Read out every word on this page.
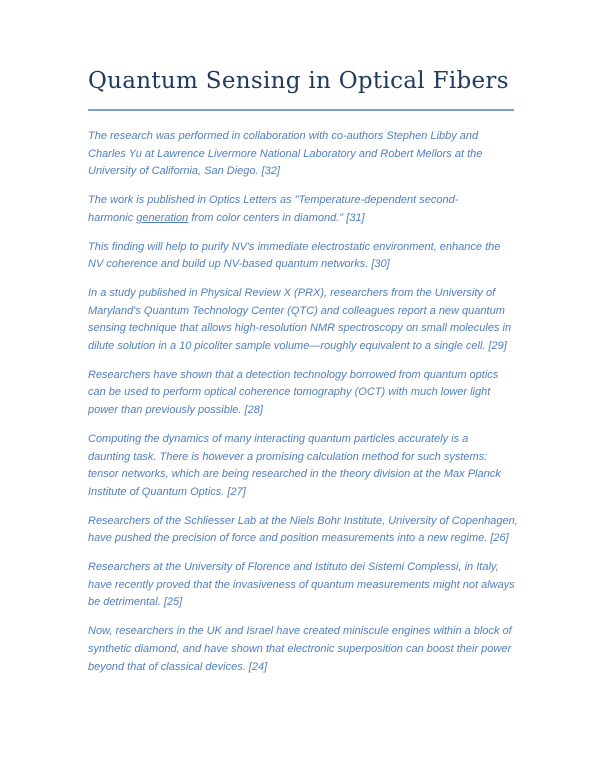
Quantum Sensing in Optical Fibers

The research was performed in collaboration with co-authors Stephen Libby and
Charles Yu at Lawrence Livermore National Laboratory and Robert Mellors at the
University of California, San Diego. [32]

The work is published in Optics Letters as "Temperature-dependent second-
harmonic generation from color centers in diamond." [31]

This finding will help to purify NV's immediate electrostatic environment, enhance the
NV coherence and build up NV-based quantum networks. [30]

In a study published in Physical Review X (PRX), researchers from the University of
Maryland's Quantum Technology Center (QTC) and colleagues report a new quantum
sensing technique that allows high-resolution NMR spectroscopy on small molecules in
dilute solution in a 10 picoliter sample volume—roughly equivalent to a single cell. [29]

Researchers have shown that a detection technology borrowed from quantum optics
can be used to perform optical coherence tomography (OCT) with much lower light
power than previously possible. [28]

Computing the dynamics of many interacting quantum particles accurately is a
daunting task. There is however a promising calculation method for such systems:
tensor networks, which are being researched in the theory division at the Max Planck
Institute of Quantum Optics. [27]

Researchers of the Schliesser Lab at the Niels Bohr Institute, University of Copenhagen,
have pushed the precision of force and position measurements into a new regime. [26]

Researchers at the University of Florence and Istituto dei Sistemi Complessi, in Italy,
have recently proved that the invasiveness of quantum measurements might not always
be detrimental. [25]

Now, researchers in the UK and Israel have created miniscule engines within a block of
synthetic diamond, and have shown that electronic superposition can boost their power
beyond that of classical devices. [24]
